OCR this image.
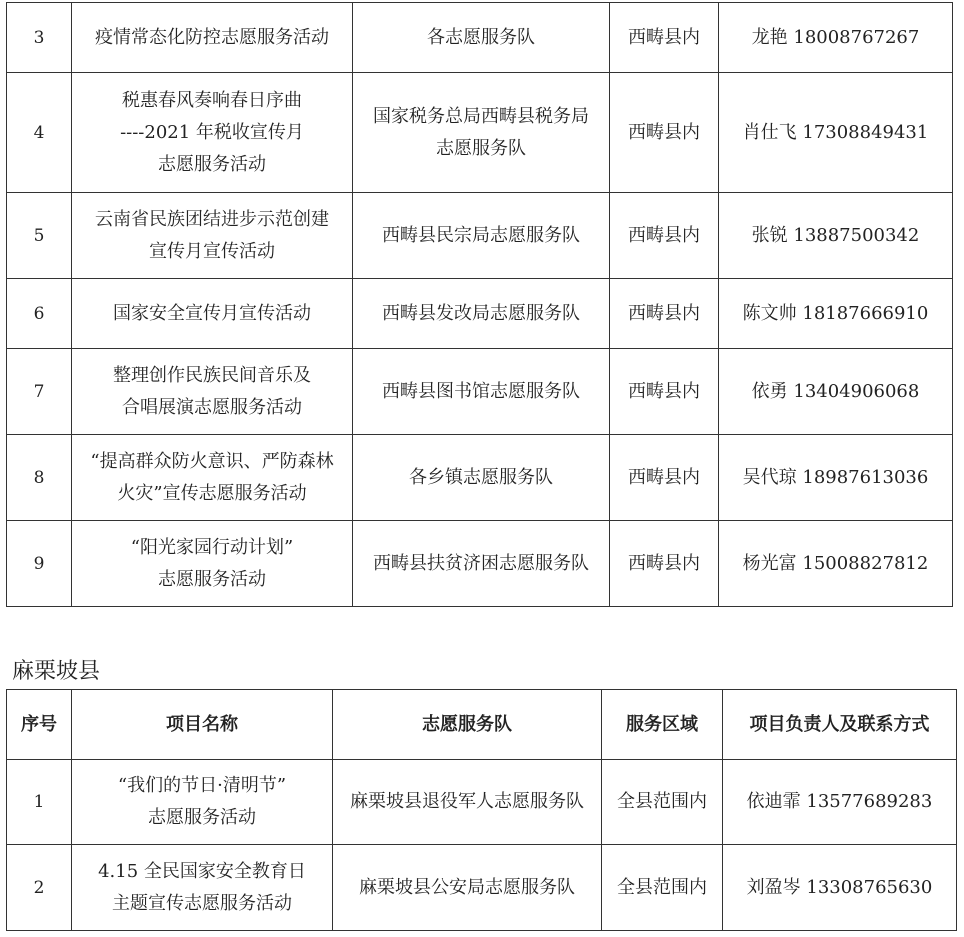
3	疫情常态化防控志愿服务活动	各志愿服务队	西畴县内	龙艳 18008767267
4	税惠春风奏响春日序曲
----2021 年税收宣传月
志愿服务活动	国家税务总局西畴县税务局
志愿服务队	西畴县内	肖仕飞 17308849431
5	云南省民族团结进步示范创建
宣传月宣传活动	西畴县民宗局志愿服务队	西畴县内	张锐 13887500342
6	国家安全宣传月宣传活动	西畴县发改局志愿服务队	西畴县内	陈文帅 18187666910
7	整理创作民族民间音乐及
合唱展演志愿服务活动	西畴县图书馆志愿服务队	西畴县内	依勇 13404906068
8	“提高群众防火意识、严防森林
火灾”宣传志愿服务活动	各乡镇志愿服务队	西畴县内	吴代琼 18987613036
9	“阳光家园行动计划”
志愿服务活动	西畴县扶贫济困志愿服务队	西畴县内	杨光富 15008827812
麻栗坡县
序号	项目名称	志愿服务队	服务区域	项目负责人及联系方式
1	“我们的节日·清明节”
志愿服务活动	麻栗坡县退役军人志愿服务队	全县范围内	依迪霏 13577689283
2	4.15 全民国家安全教育日
主题宣传志愿服务活动	麻栗坡县公安局志愿服务队	全县范围内	刘盈岑 13308765630
